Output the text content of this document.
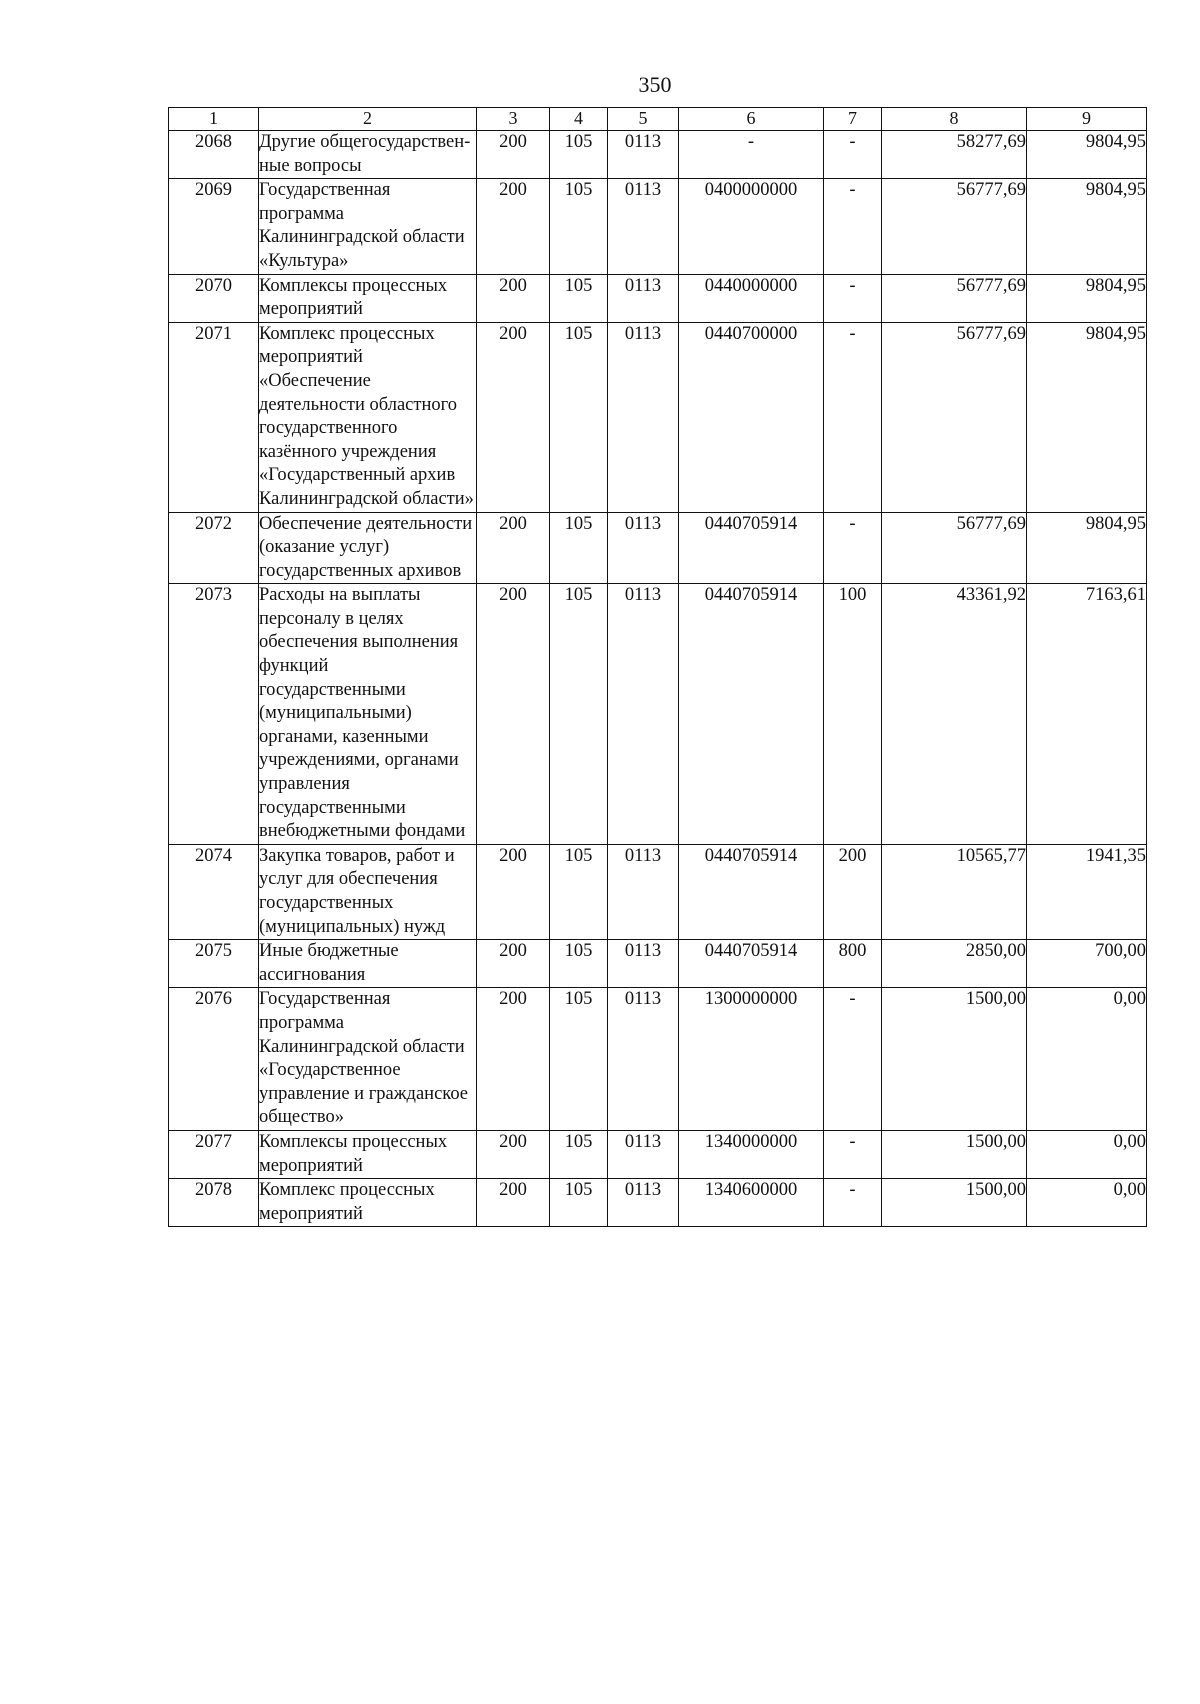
350
1	2	3	4	5	6	7	8	9
2068	Другие общегосударствен-ные вопросы	200	105	0113	-	-	58277,69	9804,95
2069	Государственная программа Калининградской области «Культура»	200	105	0113	0400000000	-	56777,69	9804,95
2070	Комплексы процессных мероприятий	200	105	0113	0440000000	-	56777,69	9804,95
2071	Комплекс процессных мероприятий «Обеспечение деятельности областного государственного казённого учреждения «Государственный архив Калининградской области»	200	105	0113	0440700000	-	56777,69	9804,95
2072	Обеспечение деятельности (оказание услуг) государственных архивов	200	105	0113	0440705914	-	56777,69	9804,95
2073	Расходы на выплаты персоналу в целях обеспечения выполнения функций государственными (муниципальными) органами, казенными учреждениями, органами управления государственными внебюджетными фондами	200	105	0113	0440705914	100	43361,92	7163,61
2074	Закупка товаров, работ и услуг для обеспечения государственных (муниципальных) нужд	200	105	0113	0440705914	200	10565,77	1941,35
2075	Иные бюджетные ассигнования	200	105	0113	0440705914	800	2850,00	700,00
2076	Государственная программа Калининградской области «Государственное управление и гражданское общество»	200	105	0113	1300000000	-	1500,00	0,00
2077	Комплексы процессных мероприятий	200	105	0113	1340000000	-	1500,00	0,00
2078	Комплекс процессных мероприятий	200	105	0113	1340600000	-	1500,00	0,00
